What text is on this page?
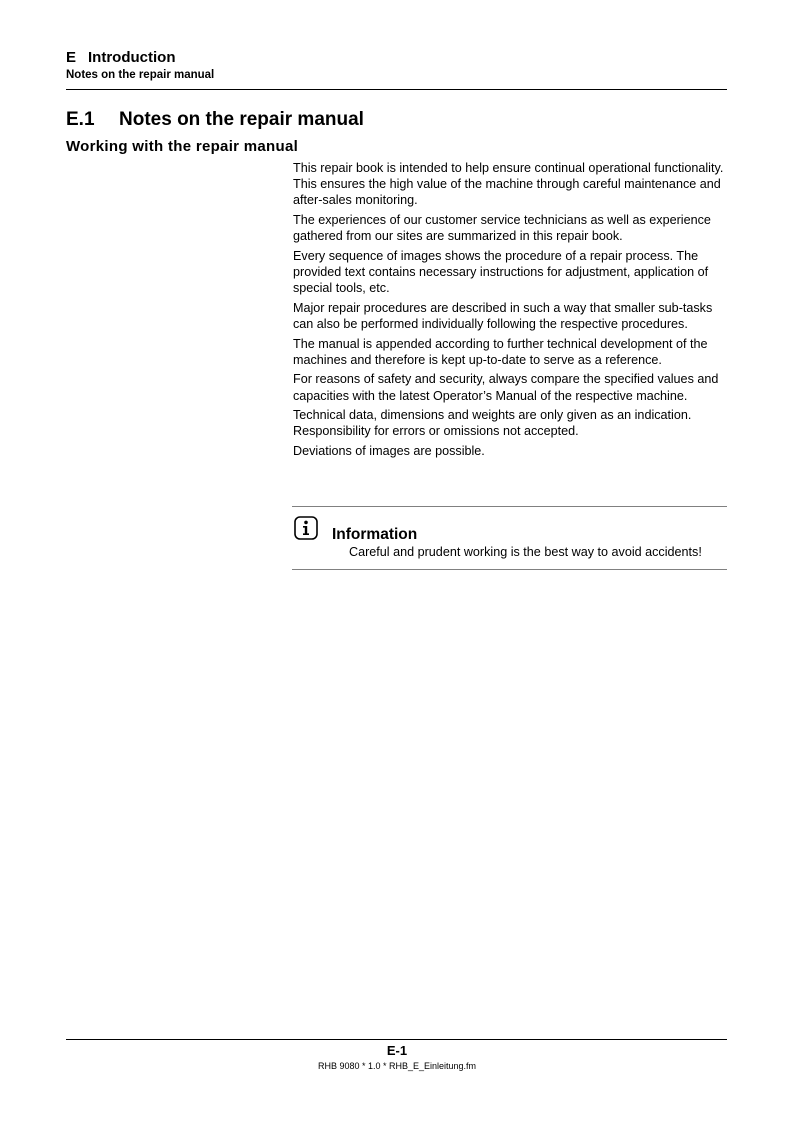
E Introduction

Notes on the repair manual

E.1 Notes on the repair manual
Working with the repair manual

This repair book is intended to help ensure continual operational functionality. This ensures the high value of the machine through careful maintenance and after-sales monitoring.

The experiences of our customer service technicians as well as experience gathered from our sites are summarized in this repair book.

Every sequence of images shows the procedure of a repair process. The provided text contains necessary instructions for adjustment, application of special tools, etc.

Major repair procedures are described in such a way that smaller sub-tasks can also be performed individually following the respective procedures.

The manual is appended according to further technical development of the machines and therefore is kept up-to-date to serve as a reference.

For reasons of safety and security, always compare the specified values and capacities with the latest Operator’s Manual of the respective machine.

Technical data, dimensions and weights are only given as an indication. Responsibility for errors or omissions not accepted.

Deviations of images are possible.

Information

Careful and prudent working is the best way to avoid accidents!

E-1

RHB 9080 * 1.0 * RHB_E_Einleitung.fm
